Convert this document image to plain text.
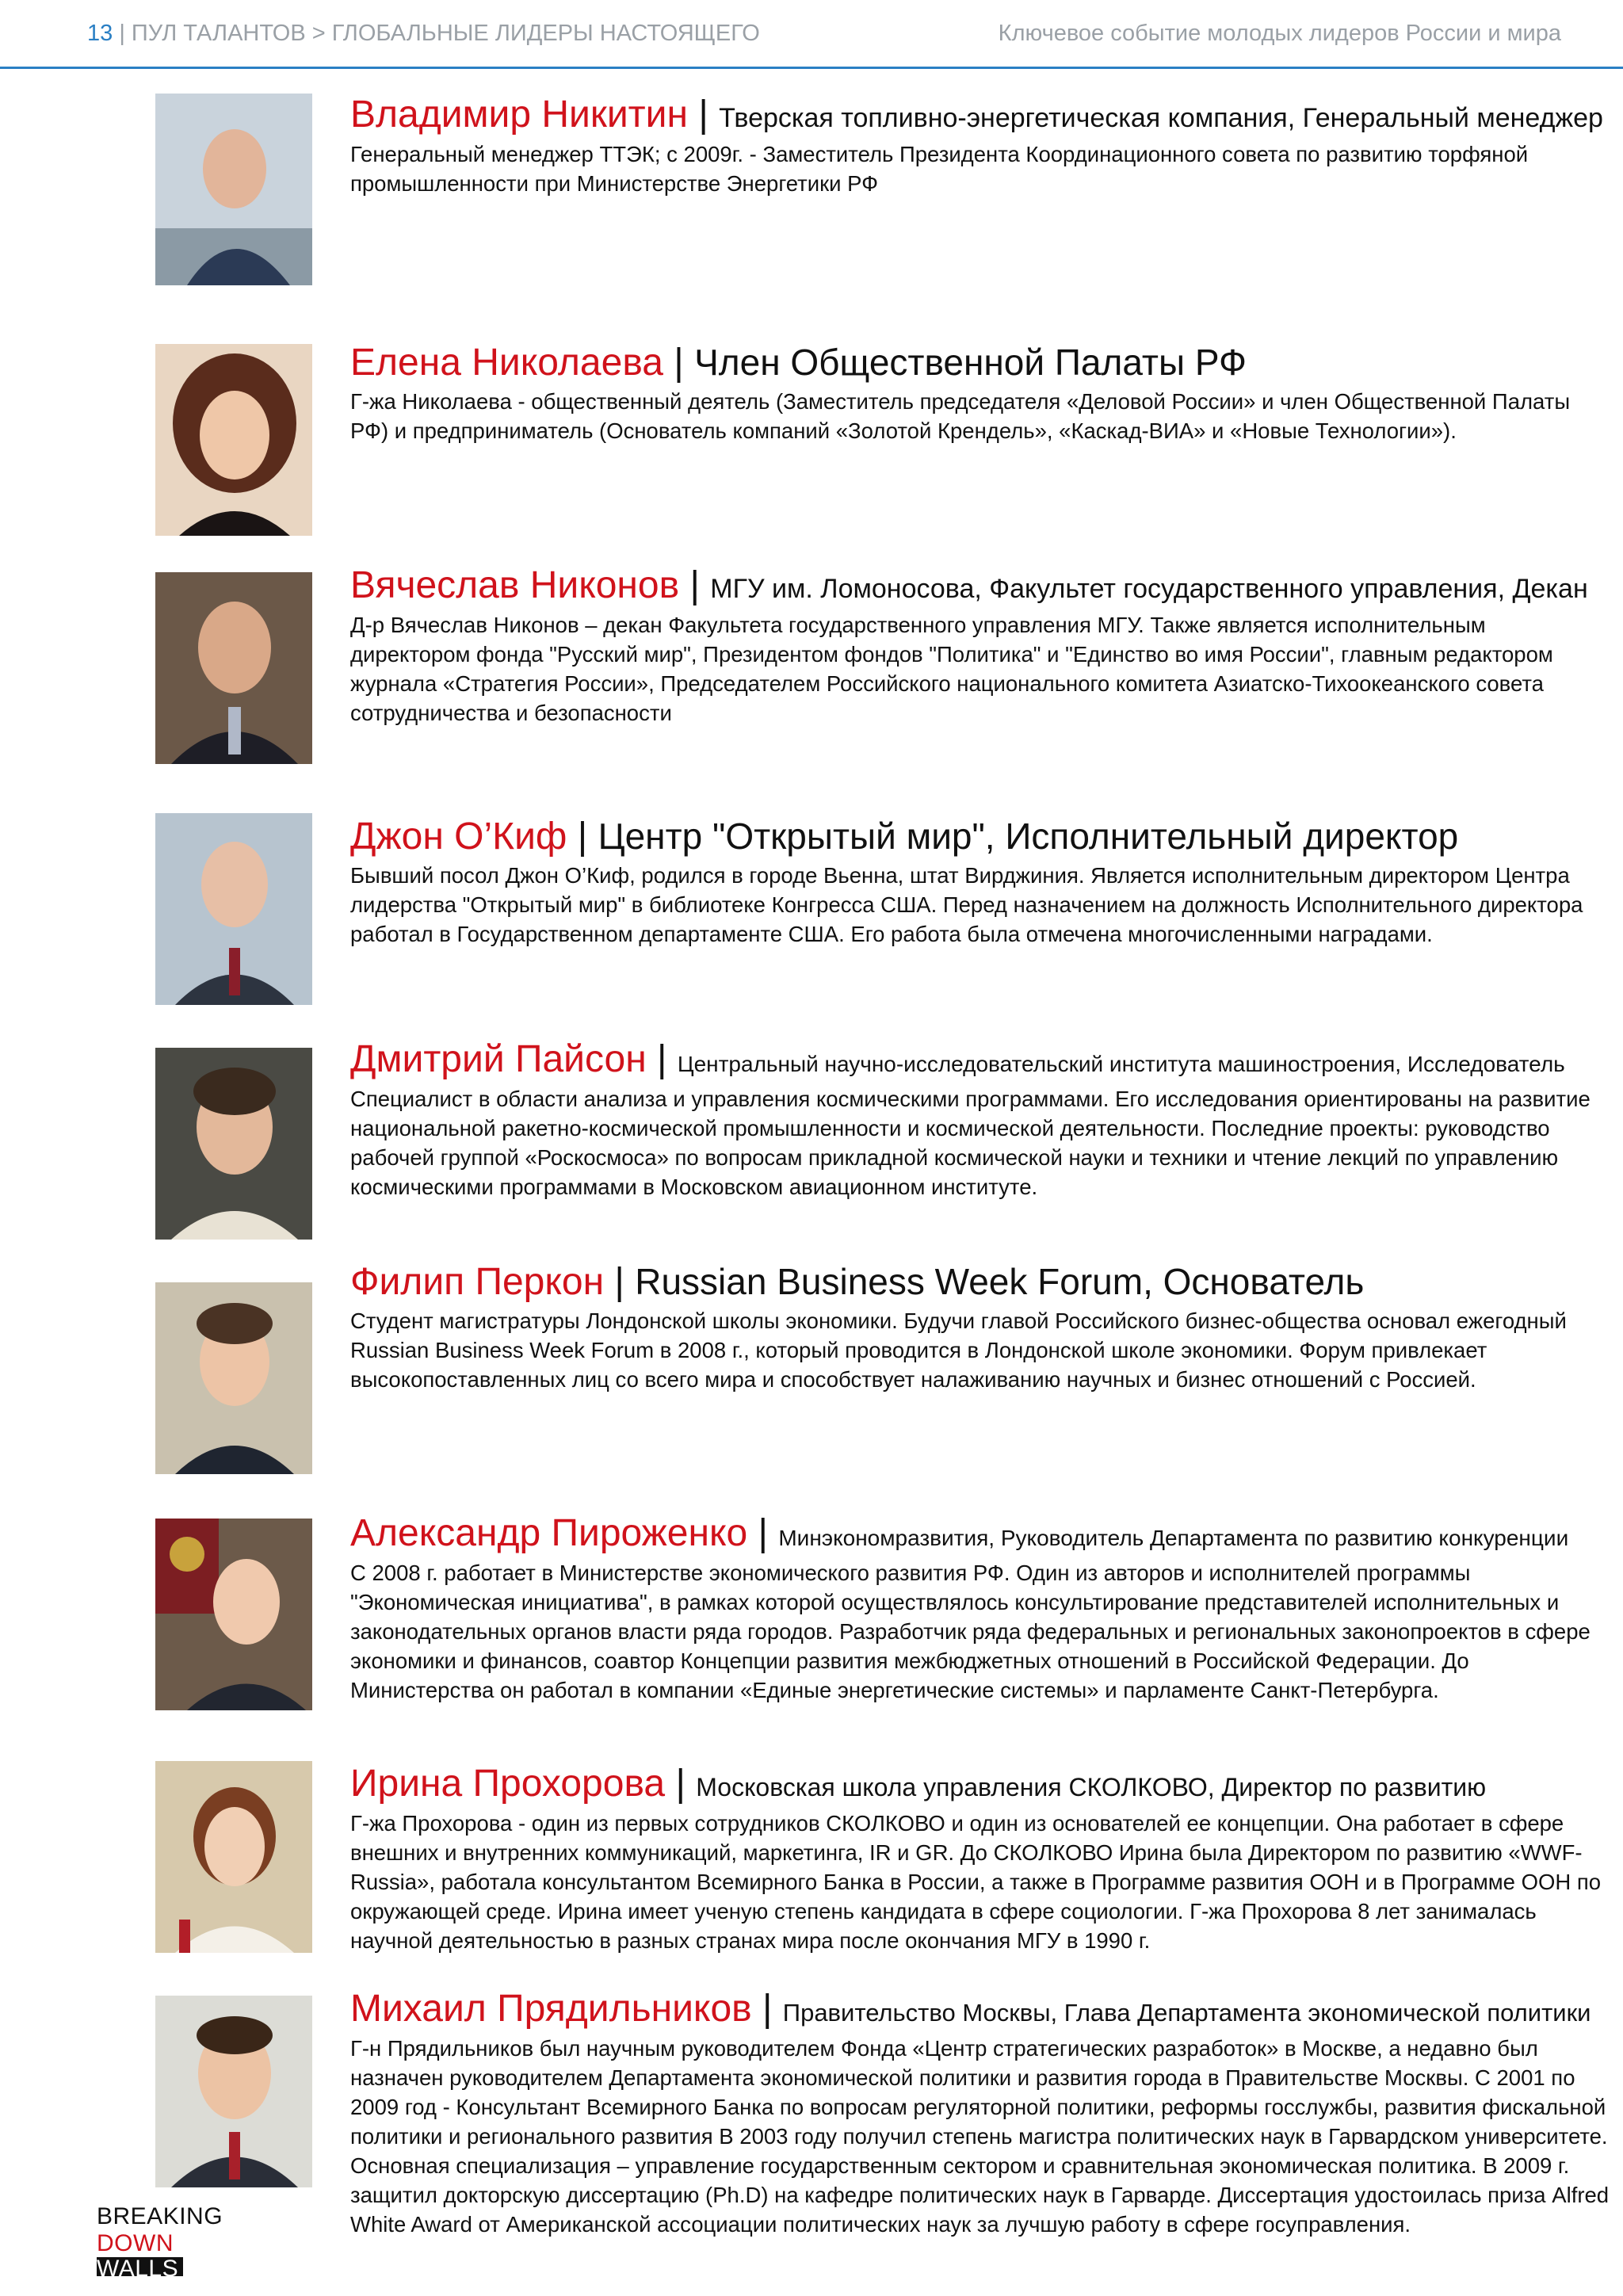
13 | ПУЛ ТАЛАНТОВ > ГЛОБАЛЬНЫЕ ЛИДЕРЫ НАСТОЯЩЕГО	Ключевое событие молодых лидеров России и мира
Владимир Никитин | Тверская топливно-энергетическая компания, Генеральный менеджер
Генеральный менеджер ТТЭК; с 2009г. - Заместитель Президента Координационного совета по развитию торфяной промышленности при Министерстве Энергетики РФ
Елена Николаева | Член Общественной Палаты РФ
Г-жа Николаева - общественный деятель (Заместитель председателя «Деловой России» и член Общественной Палаты РФ) и предприниматель (Основатель компаний «Золотой Крендель», «Каскад-ВИА» и «Новые Технологии»).
Вячеслав Никонов | МГУ им. Ломоносова, Факультет государственного управления, Декан
Д-р Вячеслав Никонов – декан Факультета государственного управления МГУ. Также является исполнительным директором фонда "Русский мир", Президентом фондов "Политика" и "Единство во имя России", главным редактором журнала «Стратегия России», Председателем Российского национального комитета Азиатско-Тихоокеанского совета сотрудничества и безопасности
Джон О’Киф | Центр "Открытый мир", Исполнительный директор
Бывший посол Джон О’Киф, родился в городе Вьенна, штат Вирджиния. Является исполнительным директором Центра лидерства "Открытый мир" в библиотеке Конгресса США. Перед назначением на должность Исполнительного директора работал в Государственном департаменте США. Его работа была отмечена многочисленными наградами.
Дмитрий Пайсон | Центральный научно-исследовательский института машиностроения, Исследователь
Специалист в области анализа и управления космическими программами. Его исследования ориентированы на развитие национальной ракетно-космической промышленности и космической деятельности. Последние проекты: руководство рабочей группой «Роскосмоса» по вопросам прикладной космической науки и техники и чтение лекций по управлению космическими программами в Московском авиационном институте.
Филип Перкон | Russian Business Week Forum, Основатель
Студент магистратуры Лондонской школы экономики. Будучи главой Российского бизнес-общества основал ежегодный Russian Business Week Forum в 2008 г., который проводится в Лондонской школе экономики. Форум привлекает высокопоставленных лиц со всего мира и способствует налаживанию научных и бизнес отношений с Россией.
Александр Пироженко | Минэкономразвития, Руководитель Департамента по развитию конкуренции
С 2008 г. работает в Министерстве экономического развития РФ. Один из авторов и исполнителей программы "Экономическая инициатива", в рамках которой осуществлялось консультирование представителей исполнительных и законодательных органов власти ряда городов. Разработчик ряда федеральных и региональных законопроектов в сфере экономики и финансов, соавтор Концепции развития межбюджетных отношений в Российской Федерации. До Министерства он работал в компании «Единые энергетические системы» и парламенте Санкт-Петербурга.
Ирина Прохорова | Московская школа управления СКОЛКОВО, Директор по развитию
Г-жа Прохорова - один из первых сотрудников СКОЛКОВО и один из основателей ее концепции. Она работает в сфере внешних и внутренних коммуникаций, маркетинга, IR и GR. До СКОЛКОВО Ирина была Директором по развитию «WWF-Russia», работала консультантом Всемирного Банка в России, а также в Программе развития ООН и в Программе ООН по окружающей среде. Ирина имеет ученую степень кандидата в сфере социологии. Г-жа Прохорова 8 лет занималась научной деятельностью в разных странах мира после окончания МГУ в 1990 г.
Михаил Прядильников | Правительство Москвы, Глава Департамента экономической политики
Г-н Прядильников был научным руководителем Фонда «Центр стратегических разработок» в Москве, а недавно был назначен руководителем Департамента экономической политики и развития города в Правительстве Москвы. С 2001 по 2009 год - Консультант Всемирного Банка по вопросам регуляторной политики, реформы госслужбы, развития фискальной политики и регионального развития В 2003 году получил степень магистра политических наук в Гарвардском университете. Основная специализация – управление государственным сектором и сравнительная экономическая политика. В 2009 г. защитил докторскую диссертацию (Ph.D) на кафедре политических наук в Гарварде. Диссертация удостоилась приза Alfred White Award от Американской ассоциации политических наук за лучшую работу в сфере госуправления.
BREAKING
DOWN
WALLS
